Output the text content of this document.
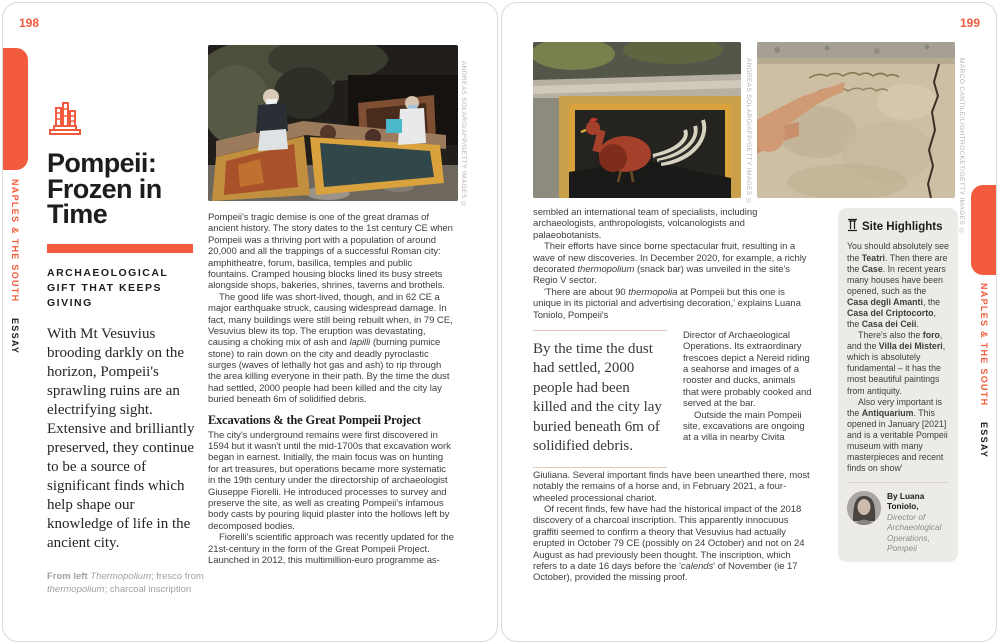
198
NAPLES & THE SOUTH ESSAY
Pompeii: Frozen in Time
ARCHAEOLOGICAL GIFT THAT KEEPS GIVING
With Mt Vesuvius brooding darkly on the horizon, Pompeii's sprawling ruins are an electrifying sight. Extensive and brilliantly preserved, they continue to be a source of significant finds which help shape our knowledge of life in the ancient city.
From left Thermopolium; fresco from thermopolium; charcoal inscription
ANDREAS SOLARO/AFP/GETTY IMAGES ©

Pompeii's tragic demise is one of the great dramas of ancient history. The story dates to the 1st century CE when Pompeii was a thriving port with a population of around 20,000 and all the trappings of a successful Roman city: amphitheatre, forum, basilica, temples and public fountains. Cramped housing blocks lined its busy streets alongside shops, bakeries, shrines, taverns and brothels.

The good life was short-lived, though, and in 62 CE a major earthquake struck, causing widespread damage. In fact, many buildings were still being rebuilt when, in 79 CE, Vesuvius blew its top. The eruption was devastating, causing a choking mix of ash and lapilli (burning pumice stone) to rain down on the city and deadly pyroclastic surges (waves of lethally hot gas and ash) to rip through the area killing everyone in their path. By the time the dust had settled, 2000 people had been killed and the city lay buried beneath 6m of solidified debris.

Excavations & the Great Pompeii Project

The city's underground remains were first discovered in 1594 but it wasn't until the mid-1700s that excavation work began in earnest. Initially, the main focus was on hunting for art treasures, but operations became more systematic in the 19th century under the directorship of archaeologist Giuseppe Fiorelli. He introduced processes to survey and preserve the site, as well as creating Pompeii's infamous body casts by pouring liquid plaster into the hollows left by decomposed bodies.

Fiorelli's scientific approach was recently updated for the 21st-century in the form of the Great Pompeii Project. Launched in 2012, this multimillion-euro programme as-

199
NAPLES & THE SOUTH ESSAY
ANDREAS SOLARO/AFP/GETTY IMAGES ©	MARCO CANTILE/LIGHTROCKET/GETTY IMAGES ©

sembled an international team of specialists, including archaeologists, anthropologists, volcanologists and palaeobotanists.

Their efforts have since borne spectacular fruit, resulting in a wave of new discoveries. In December 2020, for example, a richly decorated thermopolium (snack bar) was unveiled in the site's Regio V sector.

'There are about 90 thermopolia at Pompeii but this one is unique in its pictorial and advertising decoration,' explains Luana Toniolo, Pompeii's

By the time the dust had settled, 2000 people had been killed and the city lay buried beneath 6m of solidified debris.

Director of Archaeological Operations. Its extraordinary frescoes depict a Nereid riding a seahorse and images of a rooster and ducks, animals that were probably cooked and served at the bar.

Outside the main Pompeii site, excavations are ongoing at a villa in nearby Civita

Giuliana. Several important finds have been unearthed there, most notably the remains of a horse and, in February 2021, a four-wheeled processional chariot.

Of recent finds, few have had the historical impact of the 2018 discovery of a charcoal inscription. This apparently innocuous graffiti seemed to confirm a theory that Vesuvius had actually erupted in October 79 CE (possibly on 24 October) and not on 24 August as had previously been thought. The inscription, which refers to a date 16 days before the 'calends' of November (ie 17 October), provided the missing proof.

Site Highlights

You should absolutely see the Teatri. Then there are the Case. In recent years many houses have been opened, such as the Casa degli Amanti, the Casa del Criptocorto, the Casa dei Ceii.

There's also the foro, and the Villa dei Misteri, which is absolutely fundamental – it has the most beautiful paintings from antiquity.

Also very important is the Antiquarium. This opened in January [2021] and is a veritable Pompeii museum with many masterpieces and recent finds on show'

By Luana Toniolo,
Director of Archaeological Operations, Pompeii
